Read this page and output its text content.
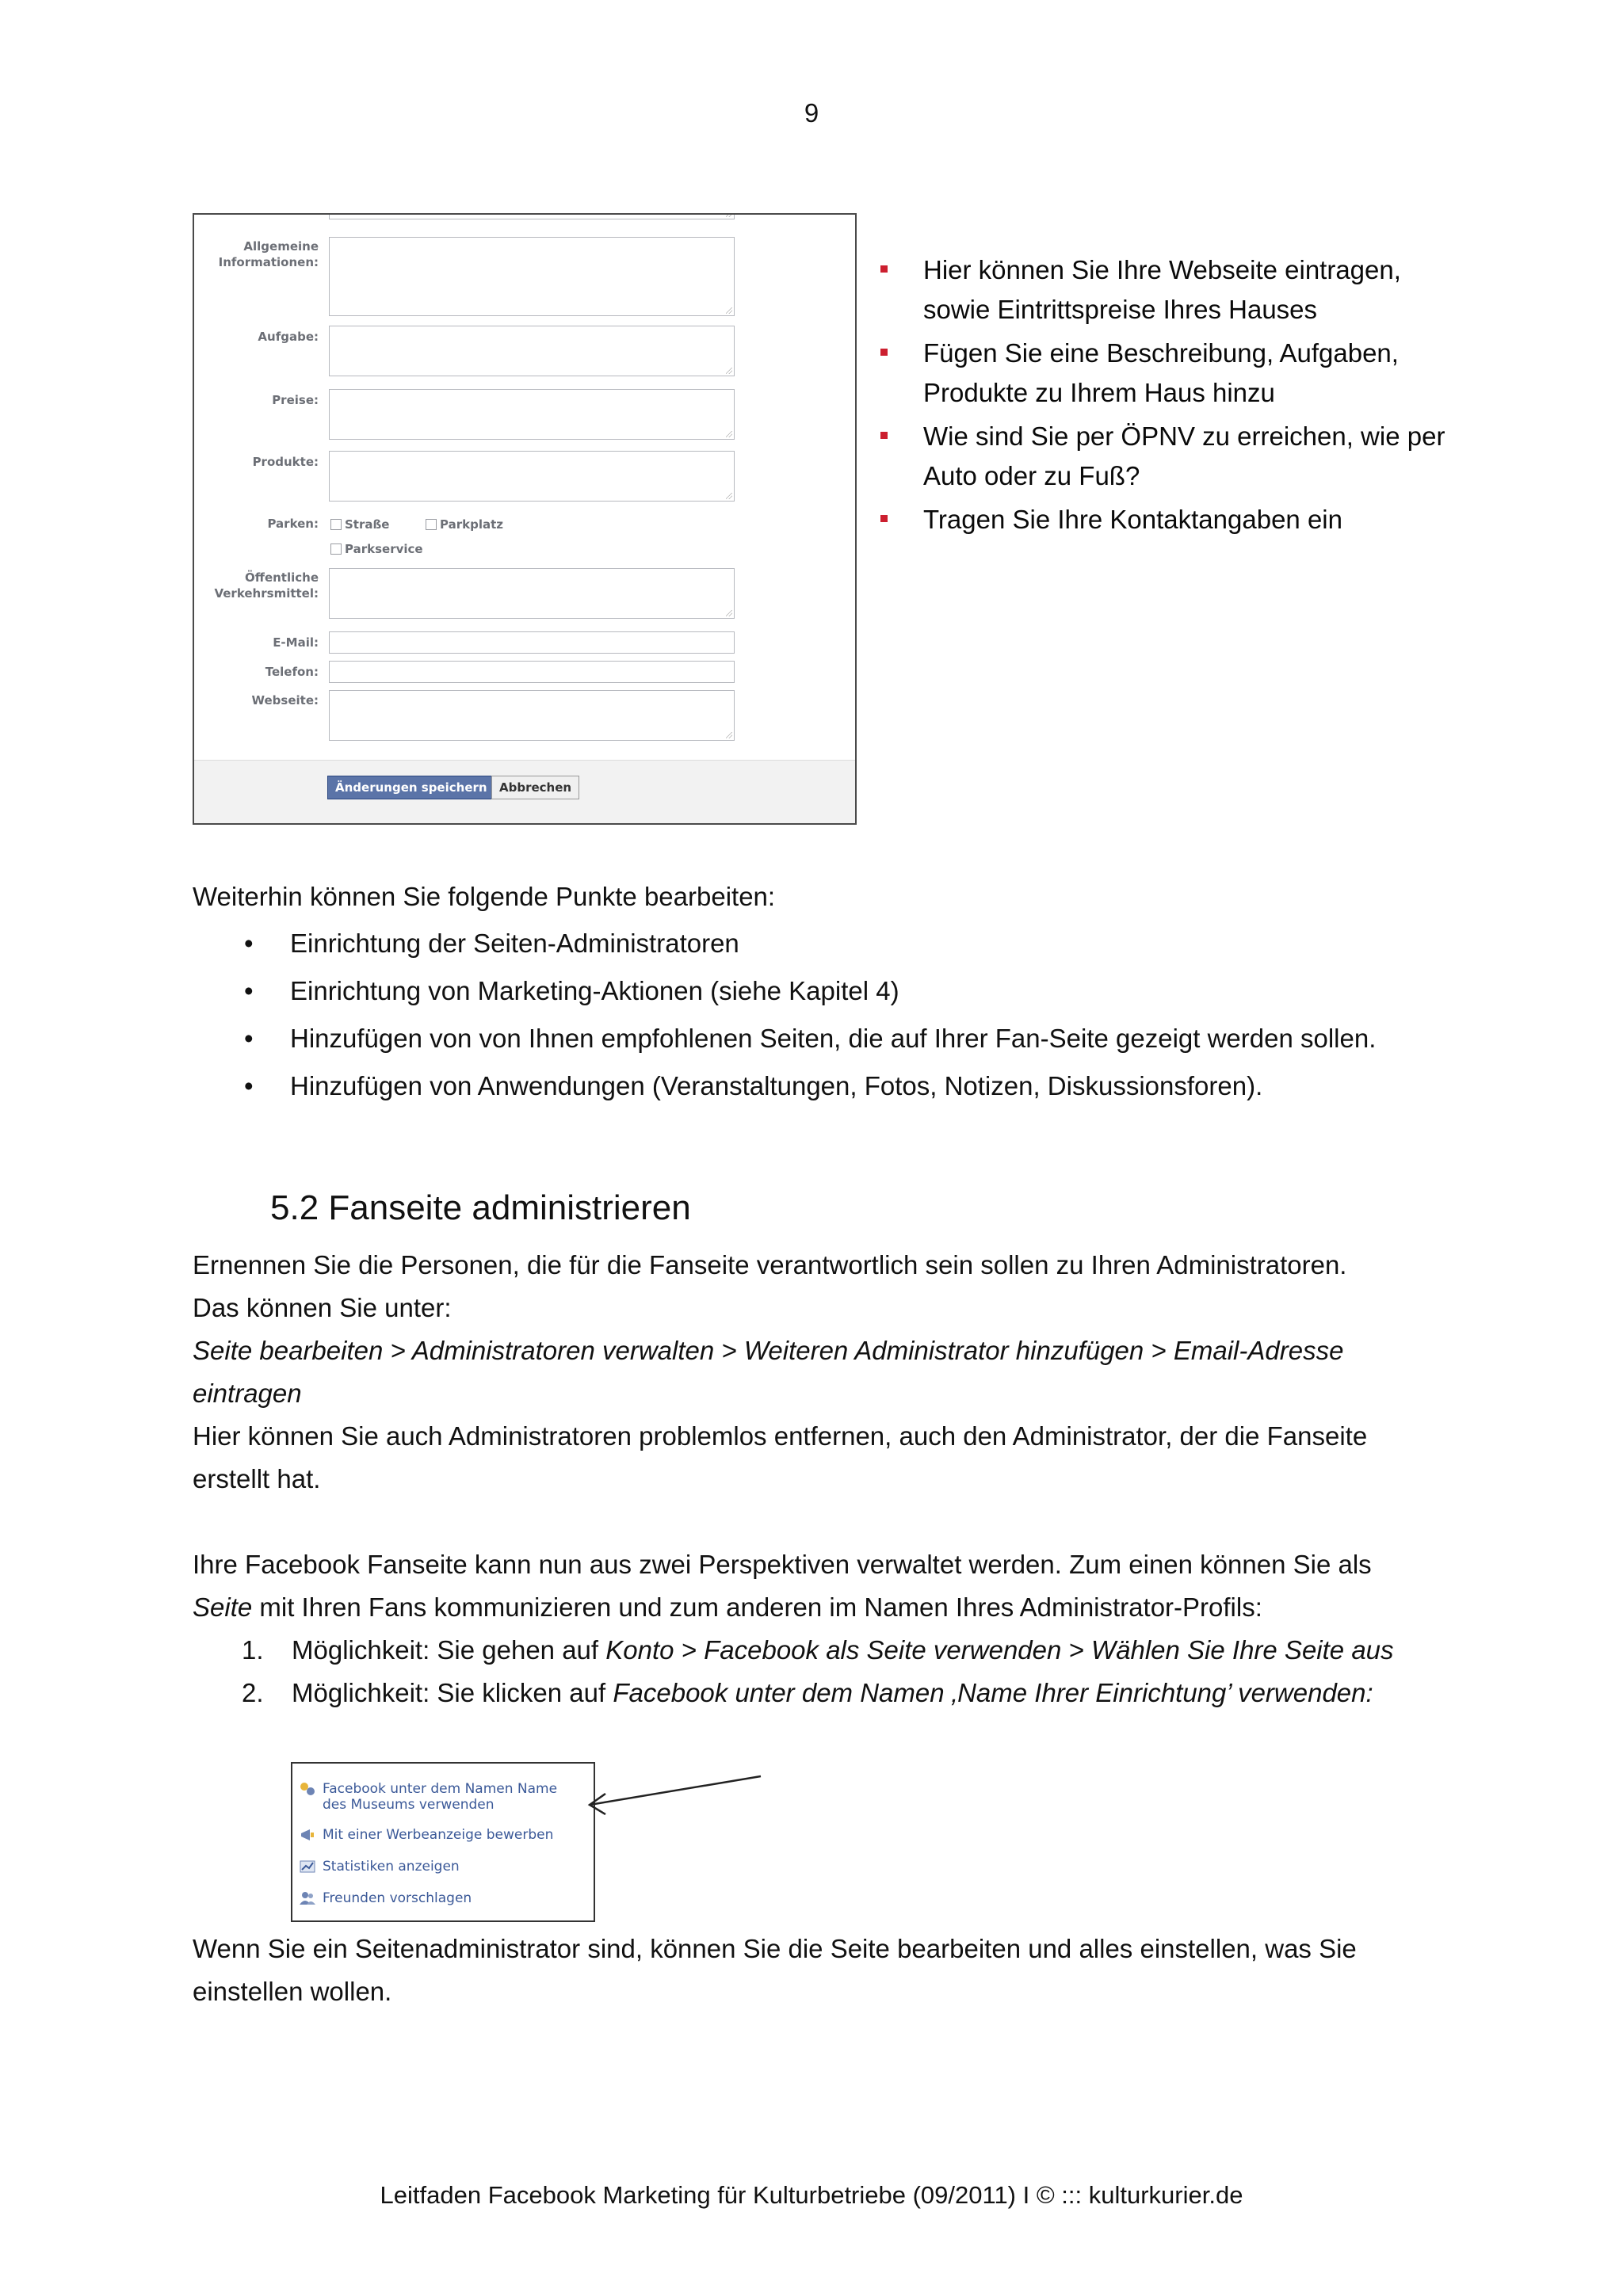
9
Allgemeine Informationen:
Aufgabe:
Preise:
Produkte:
Parken: Straße	Parkplatz
Parkservice
Öffentliche Verkehrsmittel:
E-Mail:
Telefon:
Webseite:
Änderungen speichern	Abbrechen
Hier können Sie Ihre Webseite eintragen, sowie Eintrittspreise Ihres Hauses
Fügen Sie eine Beschreibung, Aufgaben, Produkte zu Ihrem Haus hinzu
Wie sind Sie per ÖPNV zu erreichen, wie per Auto oder zu Fuß?
Tragen Sie Ihre Kontaktangaben ein
Weiterhin können Sie folgende Punkte bearbeiten:
• Einrichtung der Seiten-Administratoren
• Einrichtung von Marketing-Aktionen (siehe Kapitel 4)
• Hinzufügen von von Ihnen empfohlenen Seiten, die auf Ihrer Fan-Seite gezeigt werden sollen.
• Hinzufügen von Anwendungen (Veranstaltungen, Fotos, Notizen, Diskussionsforen).
5.2 Fanseite administrieren

Ernennen Sie die Personen, die für die Fanseite verantwortlich sein sollen zu Ihren Administratoren.

Das können Sie unter:

Seite bearbeiten > Administratoren verwalten > Weiteren Administrator hinzufügen > Email-Adresse eintragen

Hier können Sie auch Administratoren problemlos entfernen, auch den Administrator, der die Fanseite erstellt hat.

Ihre Facebook Fanseite kann nun aus zwei Perspektiven verwaltet werden. Zum einen können Sie als Seite mit Ihren Fans kommunizieren und zum anderen im Namen Ihres Administrator-Profils:

1. Möglichkeit: Sie gehen auf Konto > Facebook als Seite verwenden > Wählen Sie Ihre Seite aus
2. Möglichkeit: Sie klicken auf Facebook unter dem Namen ‚Name Ihrer Einrichtung’ verwenden:
Facebook unter dem Namen Name des Museums verwenden
Mit einer Werbeanzeige bewerben
Statistiken anzeigen
Freunden vorschlagen
Wenn Sie ein Seitenadministrator sind, können Sie die Seite bearbeiten und alles einstellen, was Sie einstellen wollen.
Leitfaden Facebook Marketing für Kulturbetriebe (09/2011) I © ::: kulturkurier.de
